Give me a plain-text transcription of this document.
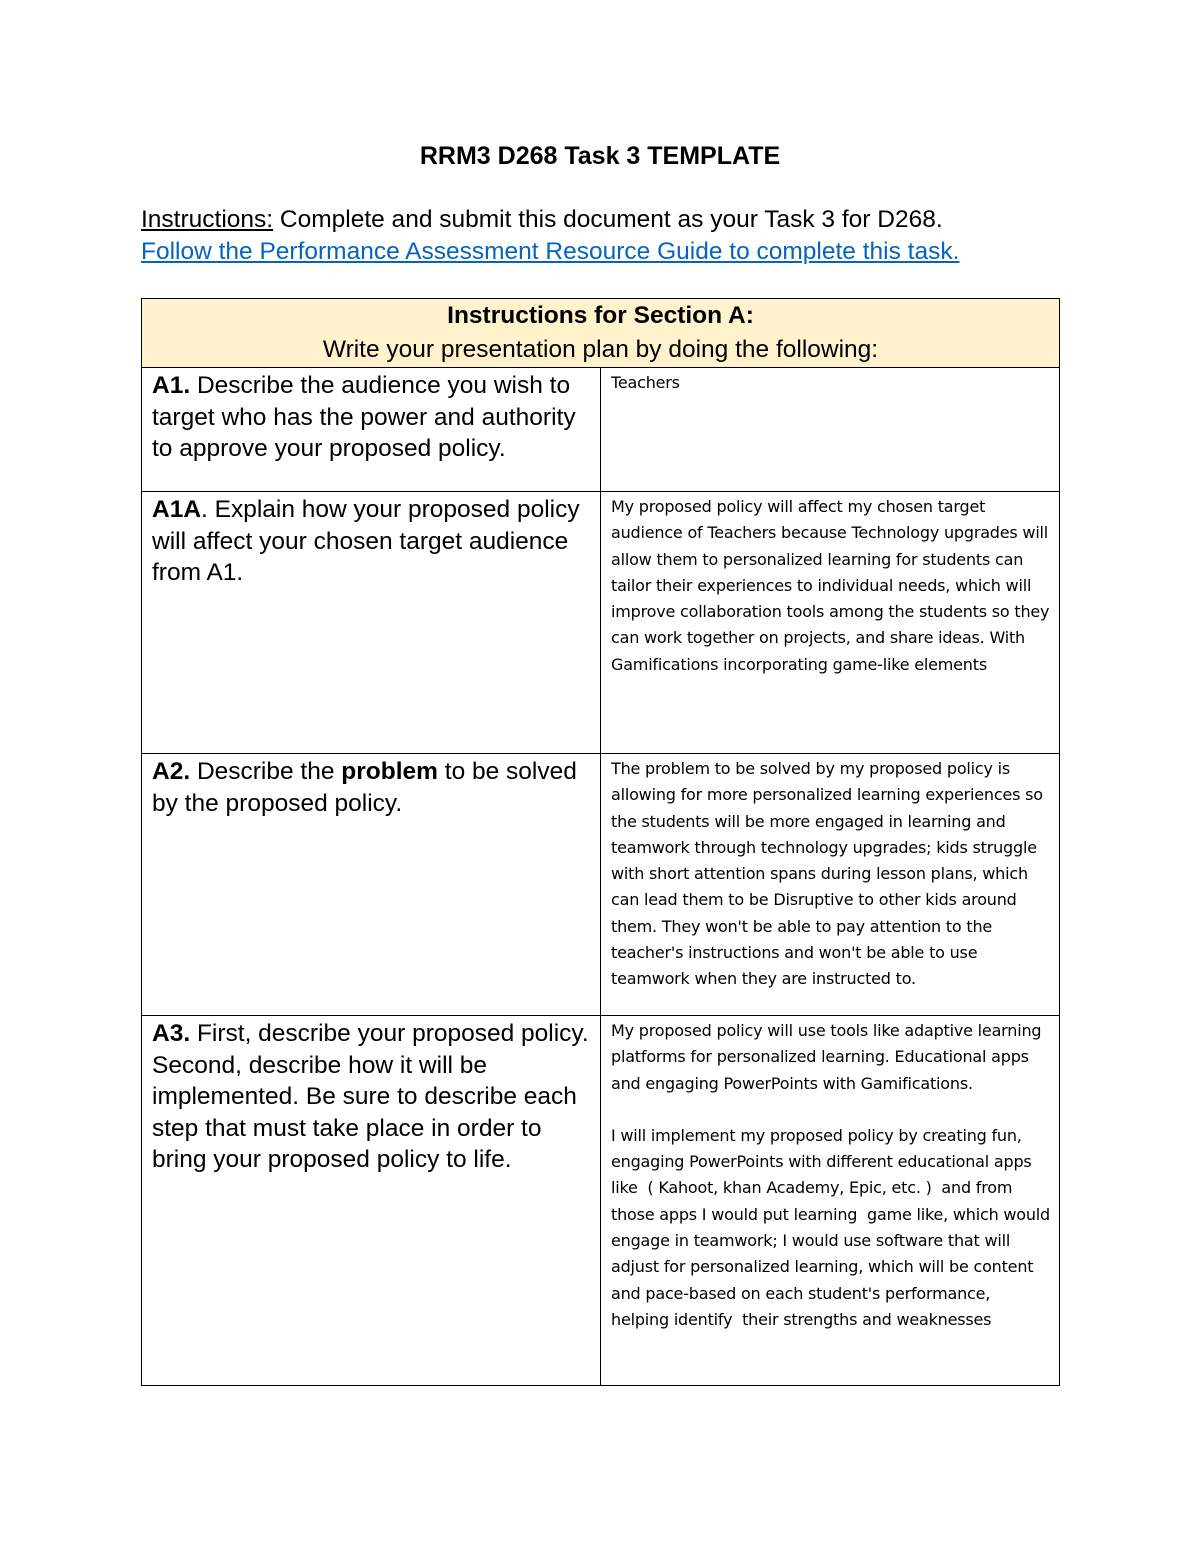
RRM3 D268 Task 3 TEMPLATE
Instructions: Complete and submit this document as your Task 3 for D268.
Follow the Performance Assessment Resource Guide to complete this task.
Instructions for Section A:
Write your presentation plan by doing the following:	

A1. Describe the audience you wish to target who has the power and authority to approve your proposed policy.	Teachers

A1A. Explain how your proposed policy will affect your chosen target audience from A1.	My proposed policy will affect my chosen target audience of Teachers because Technology upgrades will allow them to personalized learning for students can tailor their experiences to individual needs, which will improve collaboration tools among the students so they can work together on projects, and share ideas. With Gamifications incorporating game-like elements

A2. Describe the problem to be solved by the proposed policy.	The problem to be solved by my proposed policy is allowing for more personalized learning experiences so the students will be more engaged in learning and teamwork through technology upgrades; kids struggle with short attention spans during lesson plans, which can lead them to be Disruptive to other kids around them. They won't be able to pay attention to the teacher's instructions and won't be able to use teamwork when they are instructed to.

A3. First, describe your proposed policy. Second, describe how it will be implemented. Be sure to describe each step that must take place in order to bring your proposed policy to life.	My proposed policy will use tools like adaptive learning platforms for personalized learning. Educational apps and engaging PowerPoints with Gamifications.
I will implement my proposed policy by creating fun, engaging PowerPoints with different educational apps like  ( Kahoot, khan Academy, Epic, etc. )  and from those apps I would put learning  game like, which would engage in teamwork; I would use software that will adjust for personalized learning, which will be content and pace-based on each student's performance, helping identify  their strengths and weaknesses
